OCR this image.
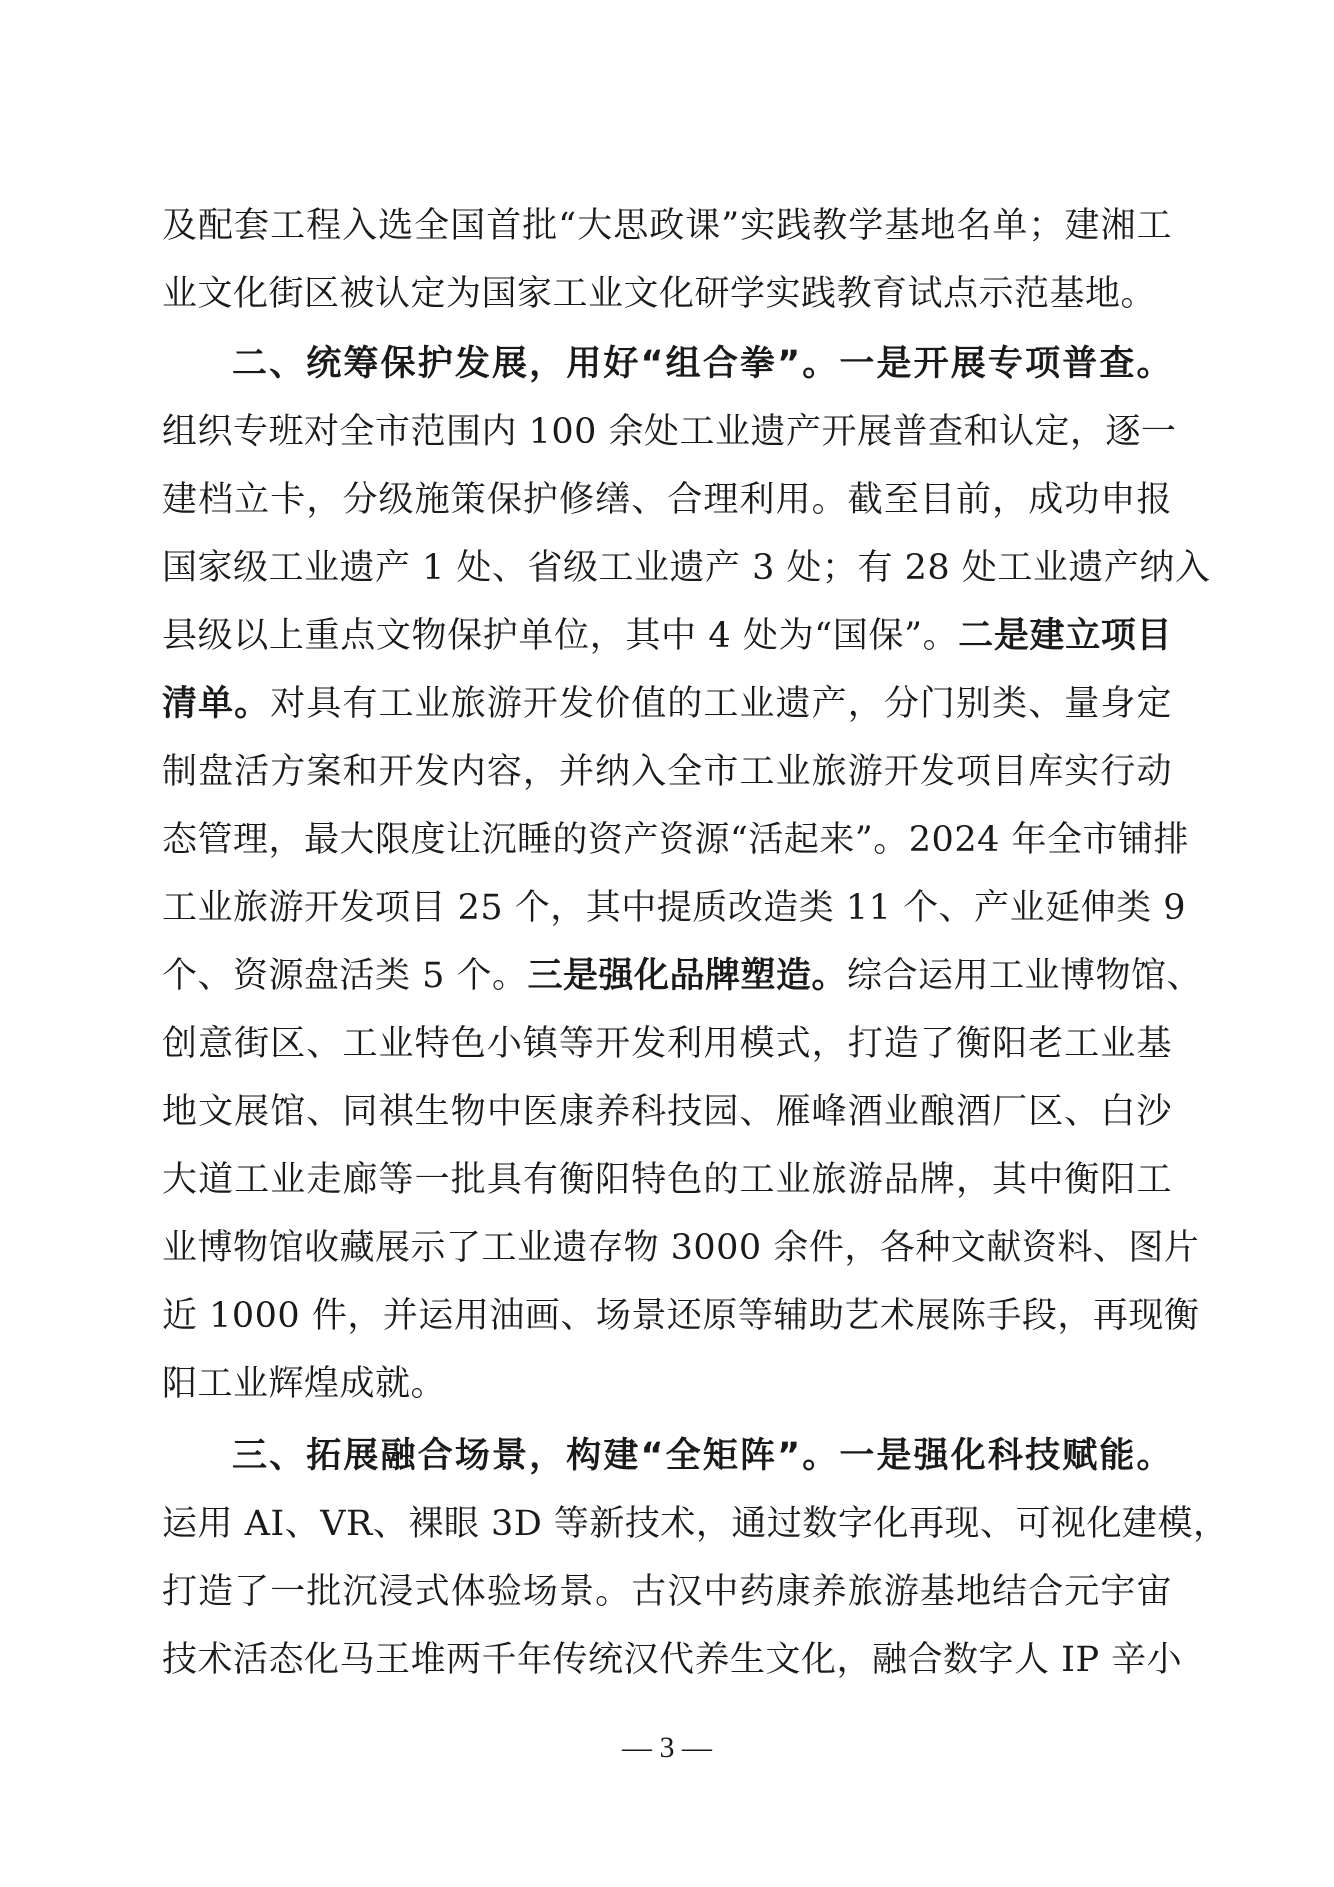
及配套工程入选全国首批“大思政课”实践教学基地名单；建湘工
业文化街区被认定为国家工业文化研学实践教育试点示范基地。
二、统筹保护发展，用好“组合拳”。一是开展专项普查。
组织专班对全市范围内 100 余处工业遗产开展普查和认定，逐一
建档立卡，分级施策保护修缮、合理利用。截至目前，成功申报
国家级工业遗产 1 处、省级工业遗产 3 处；有 28 处工业遗产纳入
县级以上重点文物保护单位，其中 4 处为“国保”。二是建立项目
清单。对具有工业旅游开发价值的工业遗产，分门别类、量身定
制盘活方案和开发内容，并纳入全市工业旅游开发项目库实行动
态管理，最大限度让沉睡的资产资源“活起来”。2024 年全市铺排
工业旅游开发项目 25 个，其中提质改造类 11 个、产业延伸类 9
个、资源盘活类 5 个。三是强化品牌塑造。综合运用工业博物馆、
创意街区、工业特色小镇等开发利用模式，打造了衡阳老工业基
地文展馆、同祺生物中医康养科技园、雁峰酒业酿酒厂区、白沙
大道工业走廊等一批具有衡阳特色的工业旅游品牌，其中衡阳工
业博物馆收藏展示了工业遗存物 3000 余件，各种文献资料、图片
近 1000 件，并运用油画、场景还原等辅助艺术展陈手段，再现衡
阳工业辉煌成就。
三、拓展融合场景，构建“全矩阵”。一是强化科技赋能。
运用 AI、VR、裸眼 3D 等新技术，通过数字化再现、可视化建模，
打造了一批沉浸式体验场景。古汉中药康养旅游基地结合元宇宙
技术活态化马王堆两千年传统汉代养生文化，融合数字人 IP 辛小
— 3 —
